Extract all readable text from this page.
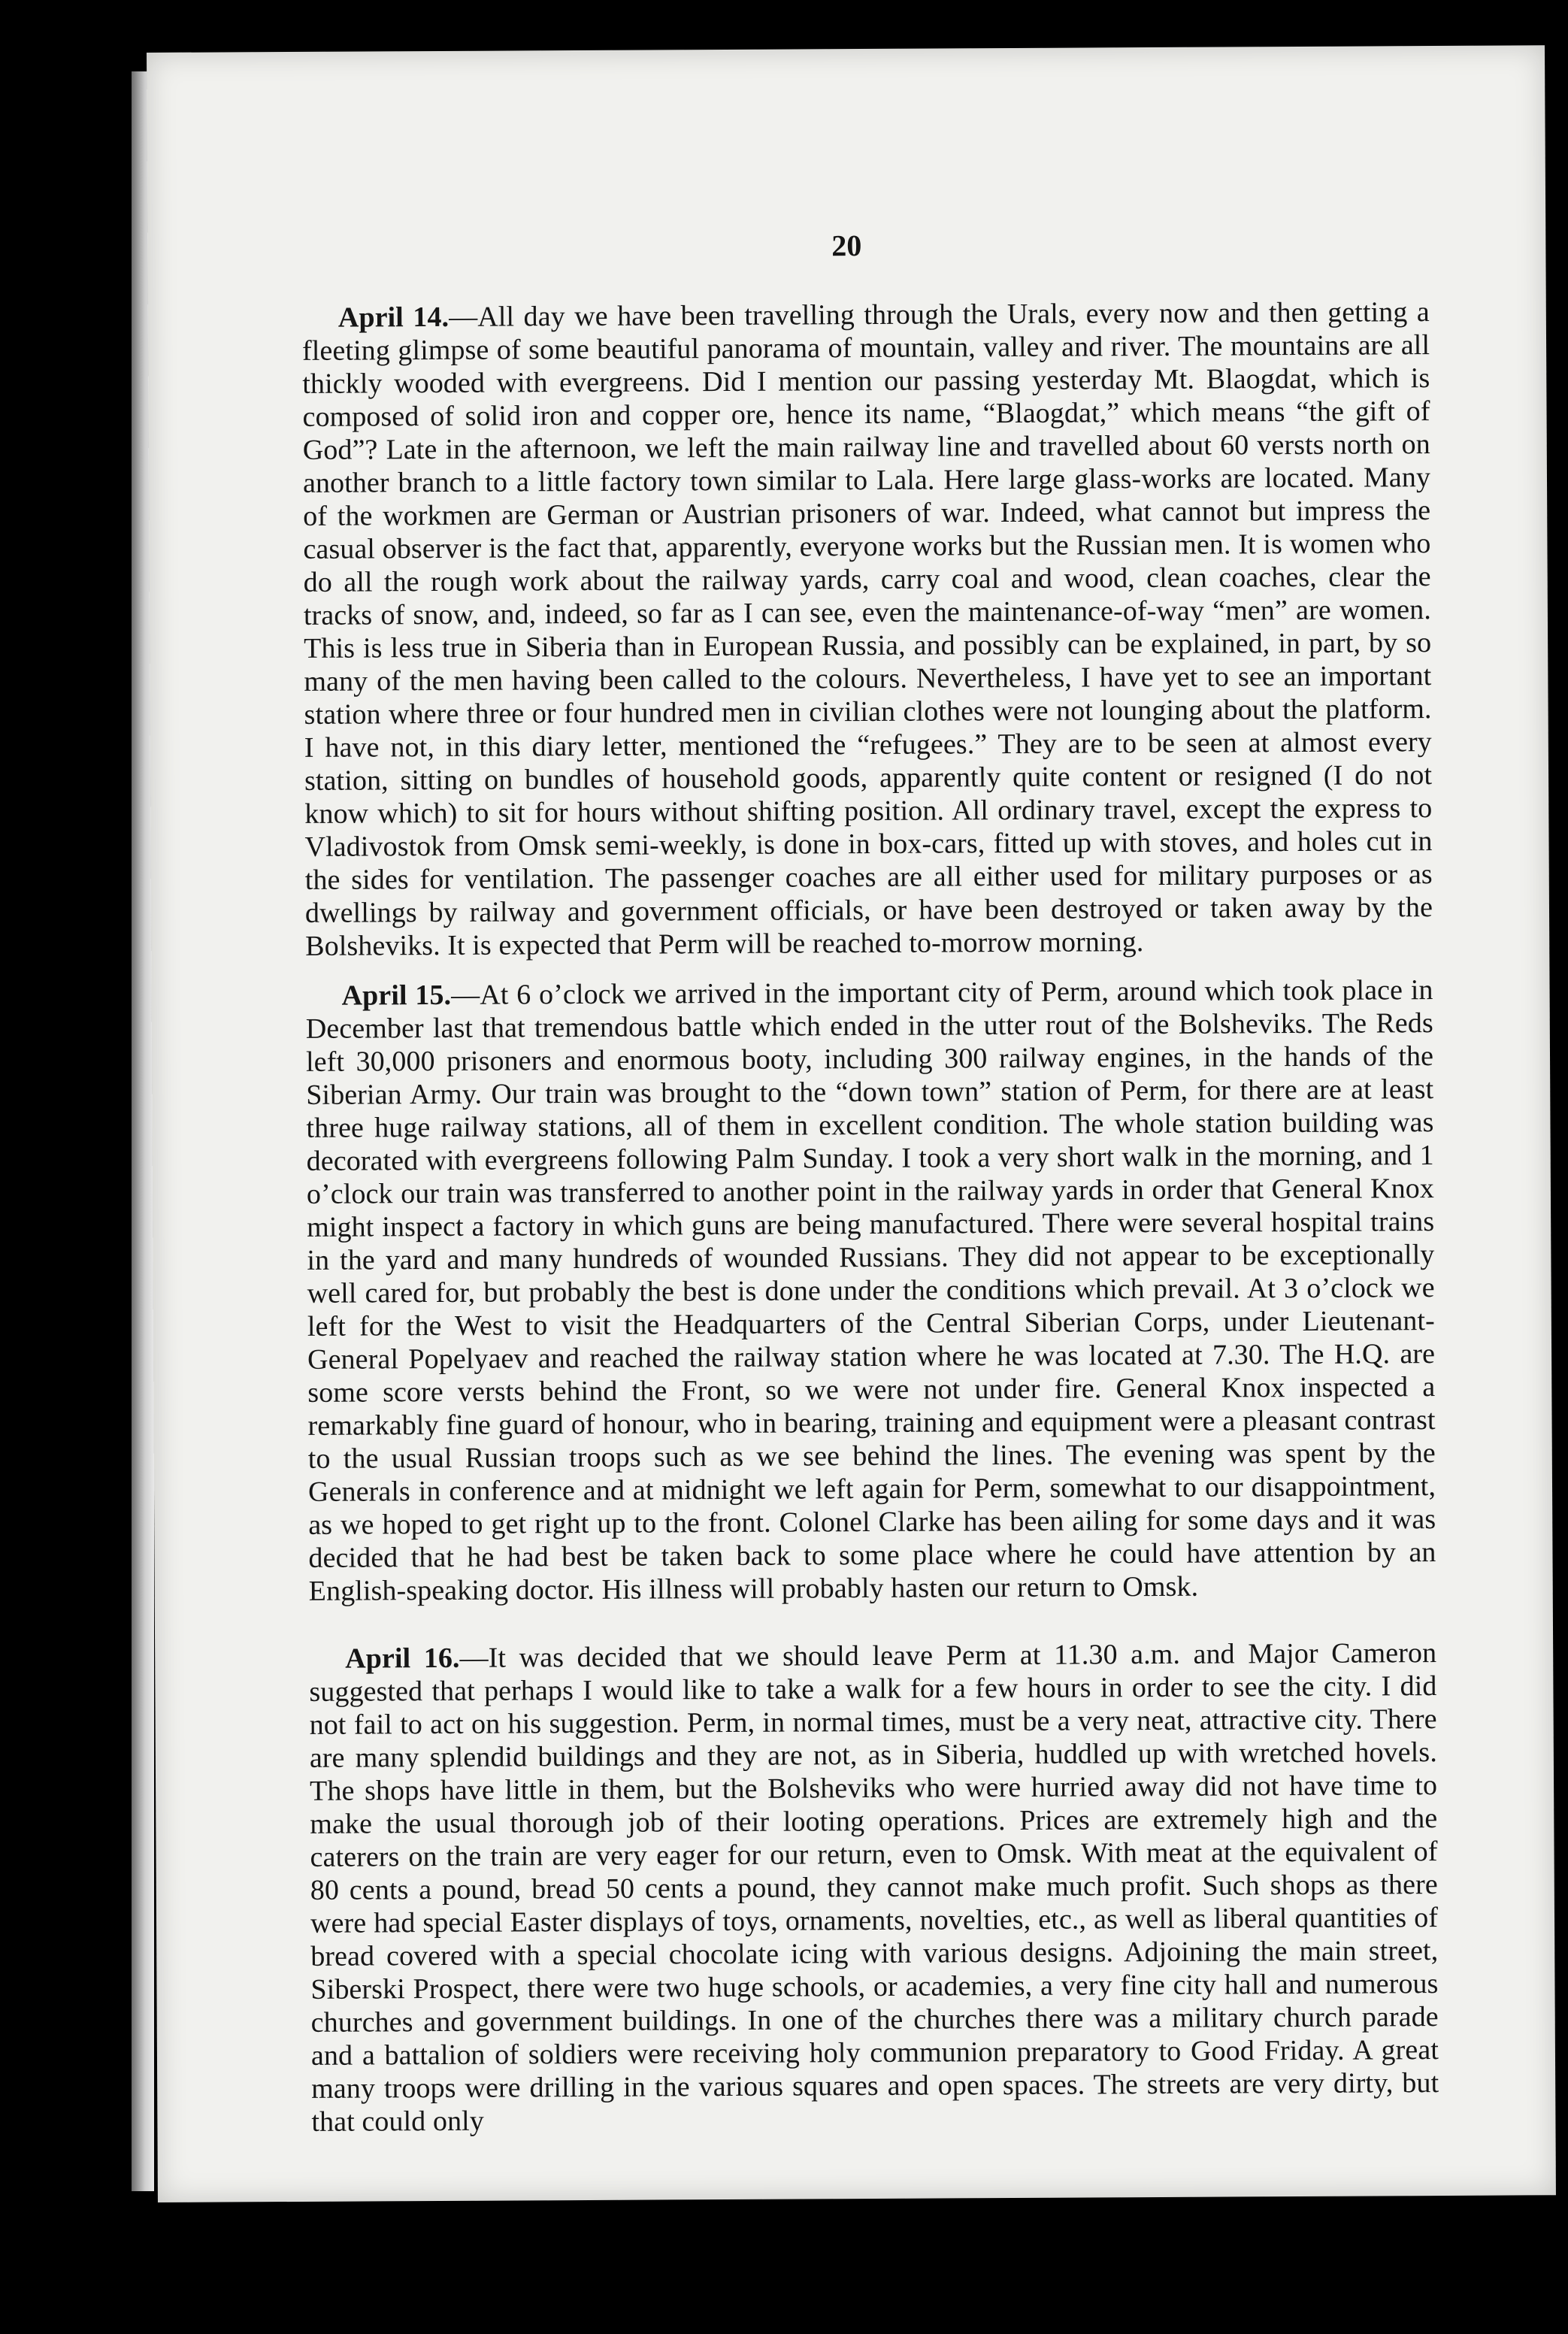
20

April 14.—All day we have been travelling through the Urals, every now and then getting a fleeting glimpse of some beautiful panorama of mountain, valley and river. The mountains are all thickly wooded with evergreens. Did I mention our passing yesterday Mt. Blaogdat, which is composed of solid iron and copper ore, hence its name, “Blaogdat,” which means “the gift of God”? Late in the afternoon, we left the main railway line and travelled about 60 versts north on another branch to a little factory town similar to Lala. Here large glass-works are located. Many of the workmen are German or Austrian prisoners of war. Indeed, what cannot but impress the casual observer is the fact that, apparently, everyone works but the Russian men. It is women who do all the rough work about the railway yards, carry coal and wood, clean coaches, clear the tracks of snow, and, indeed, so far as I can see, even the maintenance-of-way “men” are women. This is less true in Siberia than in European Russia, and possibly can be explained, in part, by so many of the men having been called to the colours. Nevertheless, I have yet to see an important station where three or four hundred men in civilian clothes were not lounging about the platform. I have not, in this diary letter, mentioned the “refugees.” They are to be seen at almost every station, sitting on bundles of household goods, apparently quite content or resigned (I do not know which) to sit for hours without shifting position. All ordinary travel, except the express to Vladivostok from Omsk semi-weekly, is done in box-cars, fitted up with stoves, and holes cut in the sides for ventilation. The passenger coaches are all either used for military purposes or as dwellings by railway and government officials, or have been destroyed or taken away by the Bolsheviks. It is expected that Perm will be reached to-morrow morning.

April 15.—At 6 o’clock we arrived in the important city of Perm, around which took place in December last that tremendous battle which ended in the utter rout of the Bolsheviks. The Reds left 30,000 prisoners and enormous booty, including 300 railway engines, in the hands of the Siberian Army. Our train was brought to the “down town” station of Perm, for there are at least three huge railway stations, all of them in excellent condition. The whole station building was decorated with evergreens following Palm Sunday. I took a very short walk in the morning, and 1 o’clock our train was transferred to another point in the railway yards in order that General Knox might inspect a factory in which guns are being manufactured. There were several hospital trains in the yard and many hundreds of wounded Russians. They did not appear to be exceptionally well cared for, but probably the best is done under the conditions which prevail. At 3 o’clock we left for the West to visit the Headquarters of the Central Siberian Corps, under Lieutenant-General Popelyaev and reached the railway station where he was located at 7.30. The H.Q. are some score versts behind the Front, so we were not under fire. General Knox inspected a remarkably fine guard of honour, who in bearing, training and equipment were a pleasant contrast to the usual Russian troops such as we see behind the lines. The evening was spent by the Generals in conference and at midnight we left again for Perm, somewhat to our disappointment, as we hoped to get right up to the front. Colonel Clarke has been ailing for some days and it was decided that he had best be taken back to some place where he could have attention by an English-speaking doctor. His illness will probably hasten our return to Omsk.

April 16.—It was decided that we should leave Perm at 11.30 a.m. and Major Cameron suggested that perhaps I would like to take a walk for a few hours in order to see the city. I did not fail to act on his suggestion. Perm, in normal times, must be a very neat, attractive city. There are many splendid buildings and they are not, as in Siberia, huddled up with wretched hovels. The shops have little in them, but the Bolsheviks who were hurried away did not have time to make the usual thorough job of their looting operations. Prices are extremely high and the caterers on the train are very eager for our return, even to Omsk. With meat at the equivalent of 80 cents a pound, bread 50 cents a pound, they cannot make much profit. Such shops as there were had special Easter displays of toys, ornaments, novelties, etc., as well as liberal quantities of bread covered with a special chocolate icing with various designs. Adjoining the main street, Siberski Prospect, there were two huge schools, or academies, a very fine city hall and numerous churches and government buildings. In one of the churches there was a military church parade and a battalion of soldiers were receiving holy communion preparatory to Good Friday. A great many troops were drilling in the various squares and open spaces. The streets are very dirty, but that could only
